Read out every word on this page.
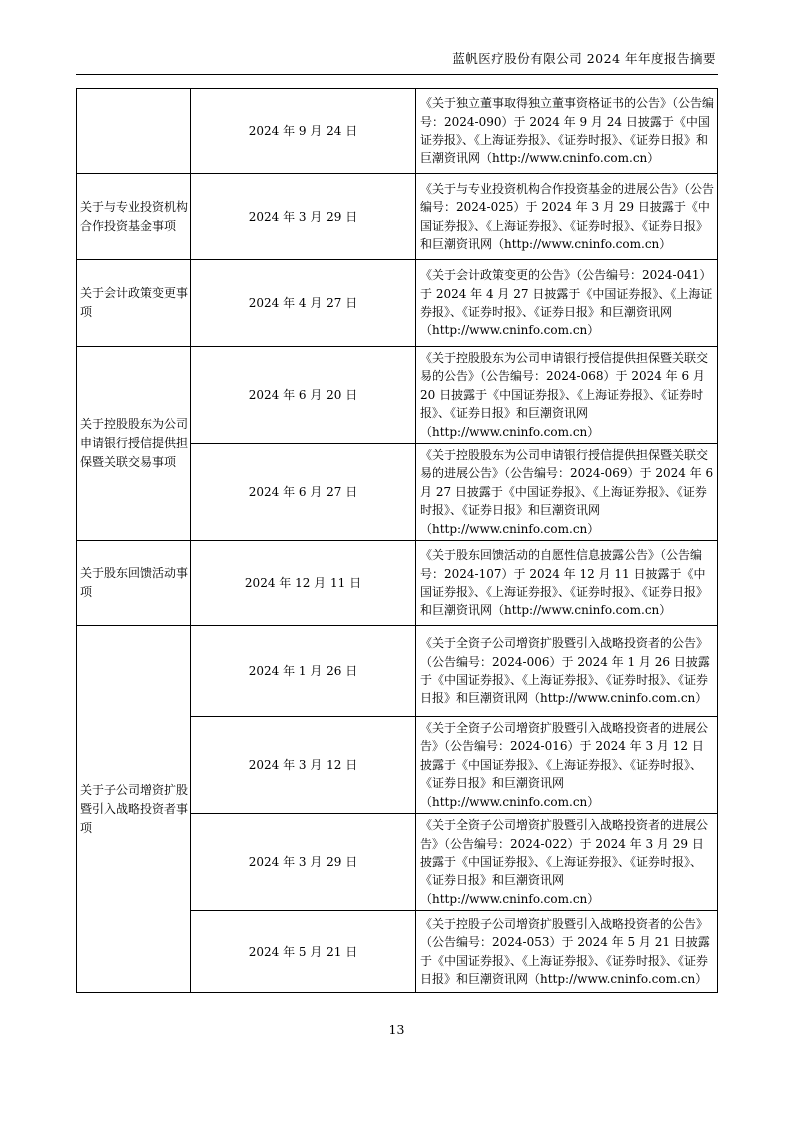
蓝帆医疗股份有限公司 2024 年年度报告摘要
	2024 年 9 月 24 日	《关于独立董事取得独立董事资格证书的公告》（公告编号：2024-090）于 2024 年 9 月 24 日披露于《中国证券报》、《上海证券报》、《证券时报》、《证券日报》和巨潮资讯网（http://www.cninfo.com.cn）
关于与专业投资机构合作投资基金事项	2024 年 3 月 29 日	《关于与专业投资机构合作投资基金的进展公告》（公告编号：2024-025）于 2024 年 3 月 29 日披露于《中国证券报》、《上海证券报》、《证券时报》、《证券日报》和巨潮资讯网（http://www.cninfo.com.cn）
关于会计政策变更事项	2024 年 4 月 27 日	《关于会计政策变更的公告》（公告编号：2024-041）于 2024 年 4 月 27 日披露于《中国证券报》、《上海证券报》、《证券时报》、《证券日报》和巨潮资讯网（http://www.cninfo.com.cn）
关于控股股东为公司申请银行授信提供担保暨关联交易事项	2024 年 6 月 20 日	《关于控股股东为公司申请银行授信提供担保暨关联交易的公告》（公告编号：2024-068）于 2024 年 6 月 20 日披露于《中国证券报》、《上海证券报》、《证券时报》、《证券日报》和巨潮资讯网（http://www.cninfo.com.cn）
	2024 年 6 月 27 日	《关于控股股东为公司申请银行授信提供担保暨关联交易的进展公告》（公告编号：2024-069）于 2024 年 6 月 27 日披露于《中国证券报》、《上海证券报》、《证券时报》、《证券日报》和巨潮资讯网（http://www.cninfo.com.cn）
关于股东回馈活动事项	2024 年 12 月 11 日	《关于股东回馈活动的自愿性信息披露公告》（公告编号：2024-107）于 2024 年 12 月 11 日披露于《中国证券报》、《上海证券报》、《证券时报》、《证券日报》和巨潮资讯网（http://www.cninfo.com.cn）
关于子公司增资扩股暨引入战略投资者事项	2024 年 1 月 26 日	《关于全资子公司增资扩股暨引入战略投资者的公告》（公告编号：2024-006）于 2024 年 1 月 26 日披露于《中国证券报》、《上海证券报》、《证券时报》、《证券日报》和巨潮资讯网（http://www.cninfo.com.cn）
	2024 年 3 月 12 日	《关于全资子公司增资扩股暨引入战略投资者的进展公告》（公告编号：2024-016）于 2024 年 3 月 12 日披露于《中国证券报》、《上海证券报》、《证券时报》、《证券日报》和巨潮资讯网（http://www.cninfo.com.cn）
	2024 年 3 月 29 日	《关于全资子公司增资扩股暨引入战略投资者的进展公告》（公告编号：2024-022）于 2024 年 3 月 29 日披露于《中国证券报》、《上海证券报》、《证券时报》、《证券日报》和巨潮资讯网（http://www.cninfo.com.cn）
	2024 年 5 月 21 日	《关于控股子公司增资扩股暨引入战略投资者的公告》（公告编号：2024-053）于 2024 年 5 月 21 日披露于《中国证券报》、《上海证券报》、《证券时报》、《证券日报》和巨潮资讯网（http://www.cninfo.com.cn）
13
